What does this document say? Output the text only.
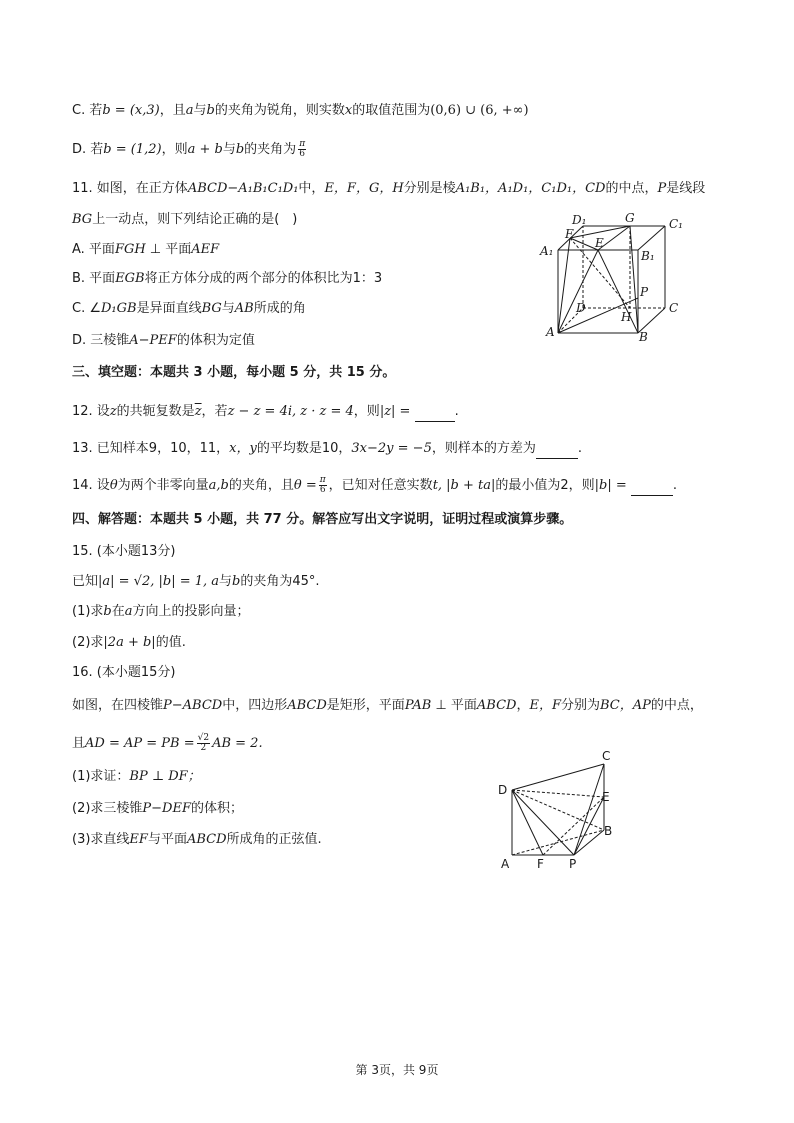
C. 若b = (x,3)，且a与b的夹角为锐角，则实数x的取值范围为(0,6) ∪ (6, +∞)
D. 若b = (1,2)，则a + b与b的夹角为 $\frac{\pi}{6}$
11. 如图，在正方体ABCD−A₁B₁C₁D₁中，E，F，G，H分别是棱A₁B₁，A₁D₁，C₁D₁，CD的中点，P是线段
BG上一动点，则下列结论正确的是(　)
A. 平面FGH ⊥ 平面AEF
B. 平面EGB将正方体分成的两个部分的体积比为1：3
C. ∠D₁GB是异面直线BG与AB所成的角
D. 三棱锥A−PEF的体积为定值
D₁	G	C₁
F
E
A₁	B₁
P
D	C
H
A	B
三、填空题：本题共 3 小题，每小题 5 分，共 15 分。
12. 设z的共轭复数是$\overline{z}$，若z − z = 4i, z · z = 4，则|z| =	.
13. 已知样本9，10，11，x，y的平均数是10，3x−2y = −5，则样本的方差为	.
14. 设θ为两个非零向量a,b的夹角，且$\theta = \frac{\pi}{6}$ ，已知对任意实数t, |b + ta|的最小值为2，则|b| =	.
四、解答题：本题共 5 小题，共 77 分。解答应写出文字说明，证明过程或演算步骤。
15. (本小题13分)
已知|a| = √2, |b| = 1, a与b的夹角为45°.
(1)求b在a方向上的投影向量；
(2)求|2a + b|的值.
16. (本小题15分)
如图，在四棱锥P−ABCD中，四边形ABCD是矩形，平面PAB ⊥ 平面ABCD，E，F分别为BC，AP的中点，
且AD = AP = PB = $\frac{√2}{2}$ AB = 2.
(1)求证：BP ⊥ DF；
(2)求三棱锥P−DEF的体积；
(3)求直线EF与平面ABCD所成角的正弦值.
C
D	E
B
A F P
第 3页，共 9页
